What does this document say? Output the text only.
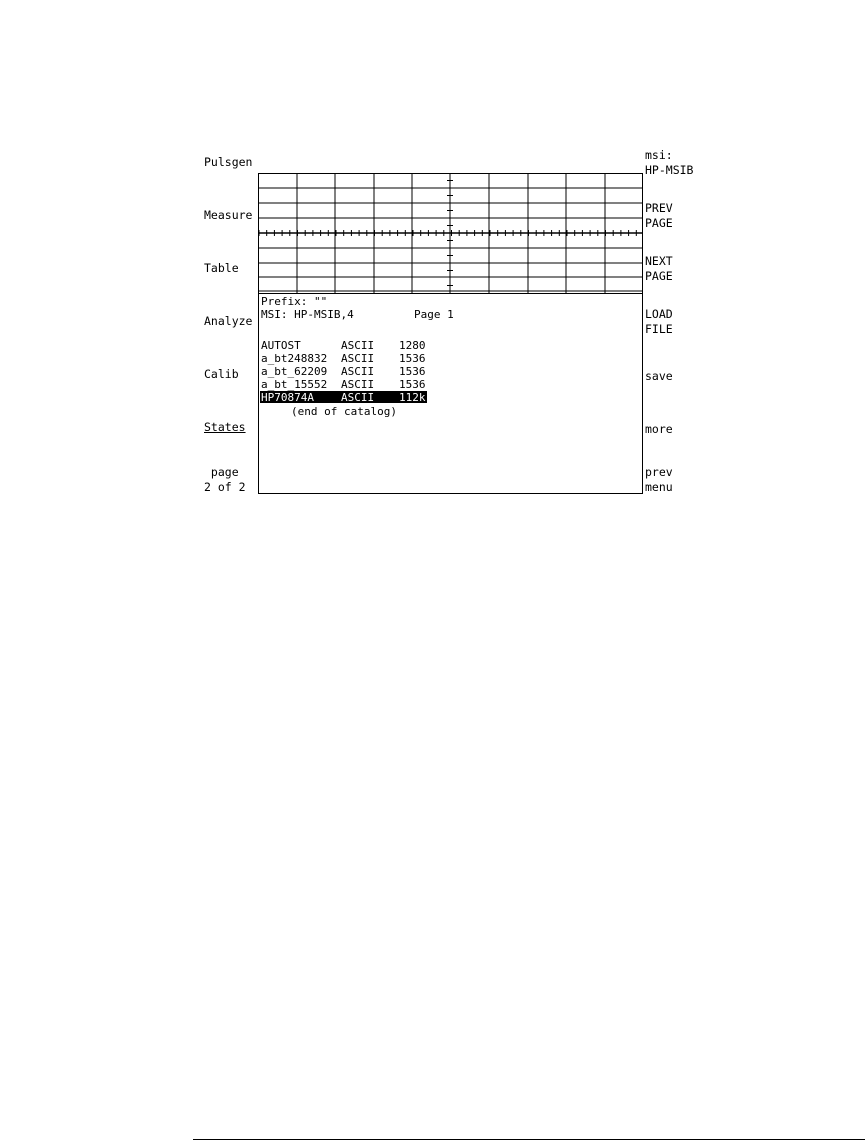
Pulsgen
Measure
Table
Analyze
Calib
States
page
2 of 2
msi:
HP-MSIB
PREV
PAGE
NEXT
PAGE
LOAD
FILE
save
more
prev
menu
Prefix: ""

MSI: HP-MSIB,4

	Page 1

AUTOST

	ASCII

1280

a_bt248832

ASCII

1536

a_bt_62209

ASCII

1536

a_bt_15552

ASCII

1536

HP70874A

ASCII

112k

(end of catalog)
